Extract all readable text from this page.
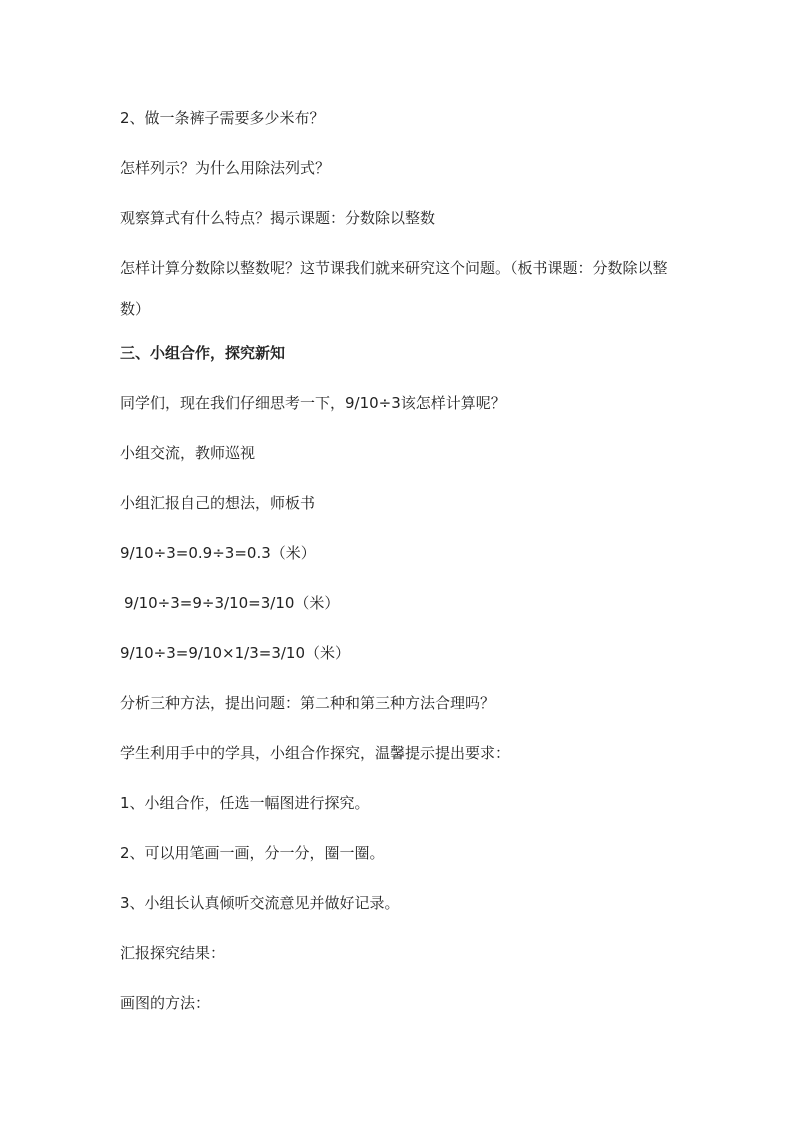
2、做一条裤子需要多少米布？

怎样列示？为什么用除法列式？

观察算式有什么特点？揭示课题：分数除以整数

怎样计算分数除以整数呢？这节课我们就来研究这个问题。（板书课题：分数除以整数）

三、小组合作，探究新知

同学们，现在我们仔细思考一下，9/10÷3该怎样计算呢？

小组交流，教师巡视

小组汇报自己的想法，师板书

9/10÷3=0.9÷3=0.3（米）

9/10÷3=9÷3/10=3/10（米）

9/10÷3=9/10×1/3=3/10（米）

分析三种方法，提出问题：第二种和第三种方法合理吗？

学生利用手中的学具，小组合作探究，温馨提示提出要求：

1、小组合作，任选一幅图进行探究。

2、可以用笔画一画，分一分，圈一圈。

3、小组长认真倾听交流意见并做好记录。

汇报探究结果：

画图的方法：
